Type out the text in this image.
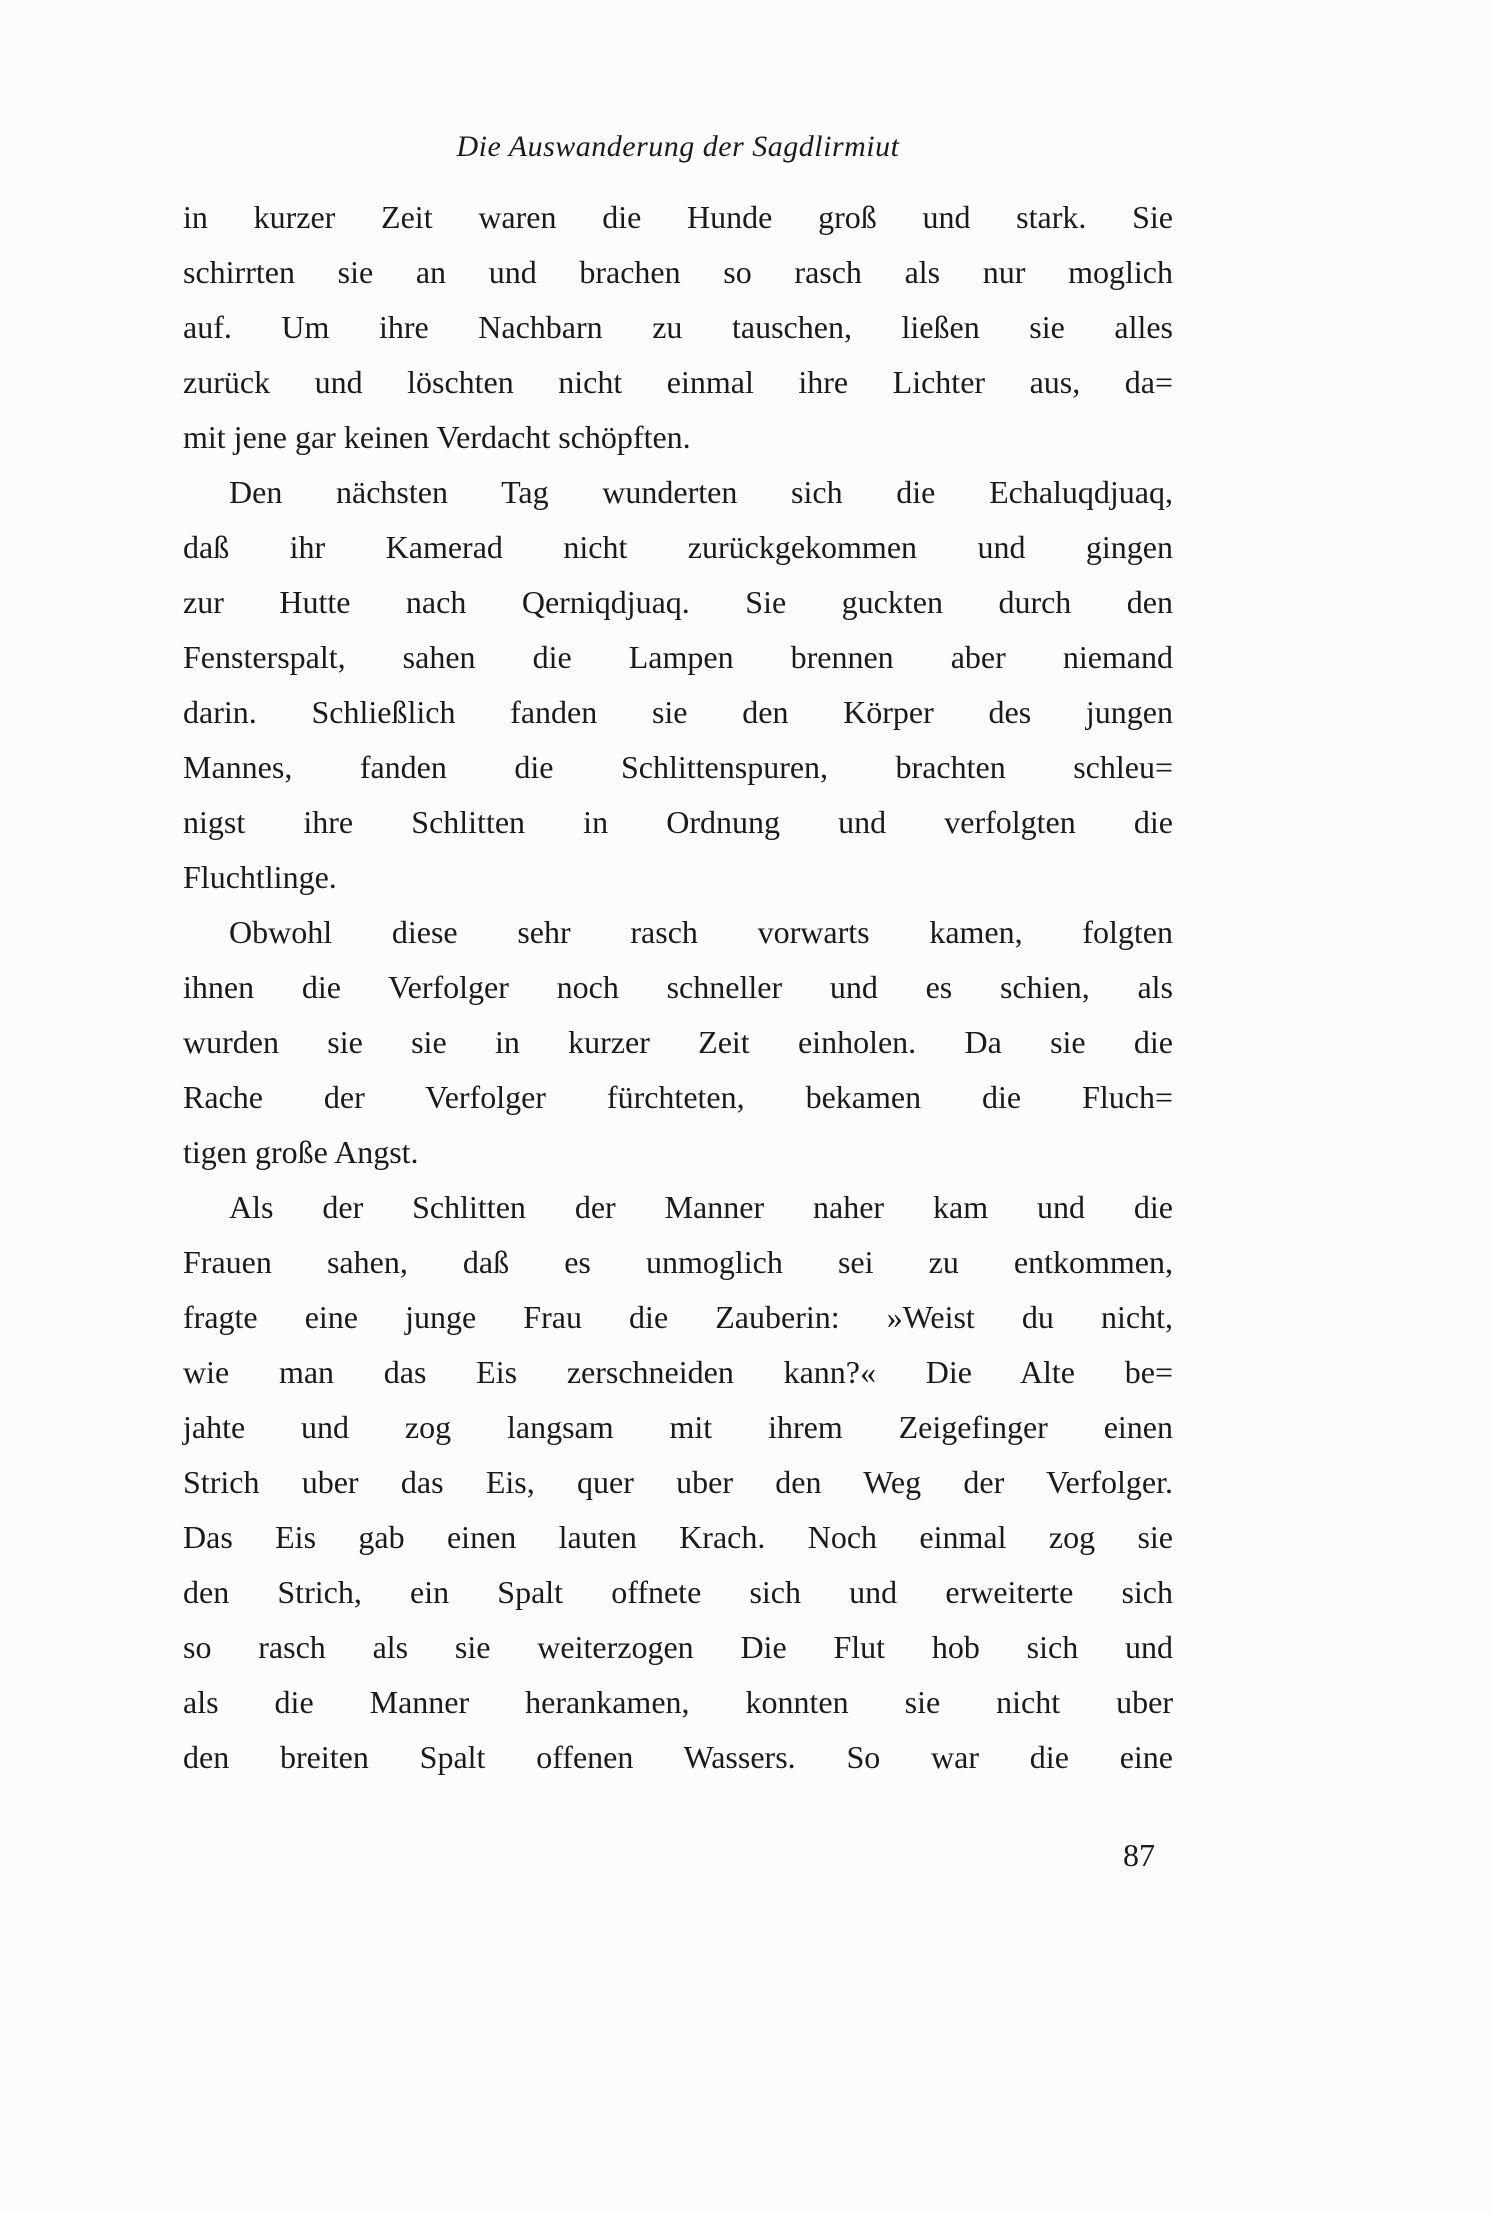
Die Auswanderung der Sagdlirmiut
in kurzer Zeit waren die Hunde groß und stark. Sie
schirrten sie an und brachen so rasch als nur moglich
auf. Um ihre Nachbarn zu tauschen, ließen sie alles
zurück und löschten nicht einmal ihre Lichter aus, da=
mit jene gar keinen Verdacht schöpften.
Den nächsten Tag wunderten sich die Echaluqdjuaq,
daß ihr Kamerad nicht zurückgekommen und gingen
zur Hutte nach Qerniqdjuaq. Sie guckten durch den
Fensterspalt, sahen die Lampen brennen aber niemand
darin. Schließlich fanden sie den Körper des jungen
Mannes, fanden die Schlittenspuren, brachten schleu=
nigst ihre Schlitten in Ordnung und verfolgten die
Fluchtlinge.
Obwohl diese sehr rasch vorwarts kamen, folgten
ihnen die Verfolger noch schneller und es schien, als
wurden sie sie in kurzer Zeit einholen. Da sie die
Rache der Verfolger fürchteten, bekamen die Fluch=
tigen große Angst.
Als der Schlitten der Manner naher kam und die
Frauen sahen, daß es unmoglich sei zu entkommen,
fragte eine junge Frau die Zauberin: »Weist du nicht,
wie man das Eis zerschneiden kann?« Die Alte be=
jahte und zog langsam mit ihrem Zeigefinger einen
Strich uber das Eis, quer uber den Weg der Verfolger.
Das Eis gab einen lauten Krach. Noch einmal zog sie
den Strich, ein Spalt offnete sich und erweiterte sich
so rasch als sie weiterzogen Die Flut hob sich und
als die Manner herankamen, konnten sie nicht uber
den breiten Spalt offenen Wassers. So war die eine
87
